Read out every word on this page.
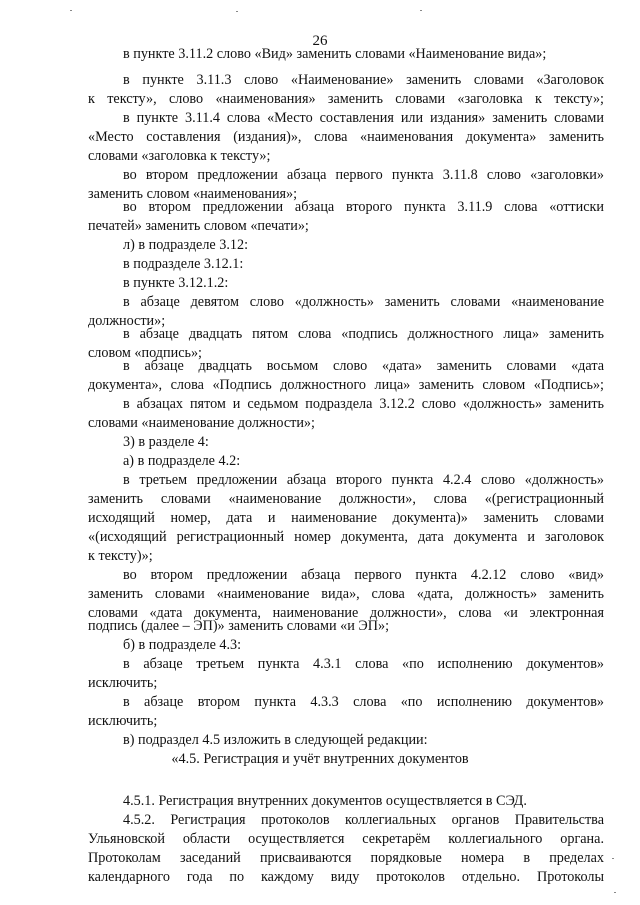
26
в пункте 3.11.2 слово «Вид» заменить словами «Наименование вида»;
в пункте 3.11.3 слово «Наименование» заменить словами «Заголовок
к тексту», слово «наименования» заменить словами «заголовка к тексту»;
в пункте 3.11.4 слова «Место составления или издания» заменить словами
«Место составления (издания)», слова «наименования документа» заменить
словами «заголовка к тексту»;
во втором предложении абзаца первого пункта 3.11.8 слово «заголовки»
заменить словом «наименования»;
во втором предложении абзаца второго пункта 3.11.9 слова «оттиски
печатей» заменить словом «печати»;
л) в подразделе 3.12:
в подразделе 3.12.1:
в пункте 3.12.1.2:
в абзаце девятом слово «должность» заменить словами «наименование
должности»;
в абзаце двадцать пятом слова «подпись должностного лица» заменить
словом «подпись»;
в абзаце двадцать восьмом слово «дата» заменить словами «дата
документа», слова «Подпись должностного лица» заменить словом «Подпись»;
в абзацах пятом и седьмом подраздела 3.12.2 слово «должность» заменить
словами «наименование должности»;
3) в разделе 4:
а) в подразделе 4.2:
в третьем предложении абзаца второго пункта 4.2.4 слово «должность»
заменить словами «наименование должности», слова «(регистрационный
исходящий номер, дата и наименование документа)» заменить словами
«(исходящий регистрационный номер документа, дата документа и заголовок
к тексту)»;
во втором предложении абзаца первого пункта 4.2.12 слово «вид»
заменить словами «наименование вида», слова «дата, должность» заменить
словами «дата документа, наименование должности», слова «и электронная
подпись (далее – ЭП)» заменить словами «и ЭП»;
б) в подразделе 4.3:
в абзаце третьем пункта 4.3.1 слова «по исполнению документов»
исключить;
в абзаце втором пункта 4.3.3 слова «по исполнению документов»
исключить;
в) подраздел 4.5 изложить в следующей редакции:
«4.5. Регистрация и учёт внутренних документов
4.5.1. Регистрация внутренних документов осуществляется в СЭД.
4.5.2. Регистрация протоколов коллегиальных органов Правительства
Ульяновской области осуществляется секретарём коллегиального органа.
Протоколам заседаний присваиваются порядковые номера в пределах
календарного года по каждому виду протоколов отдельно. Протоколы
